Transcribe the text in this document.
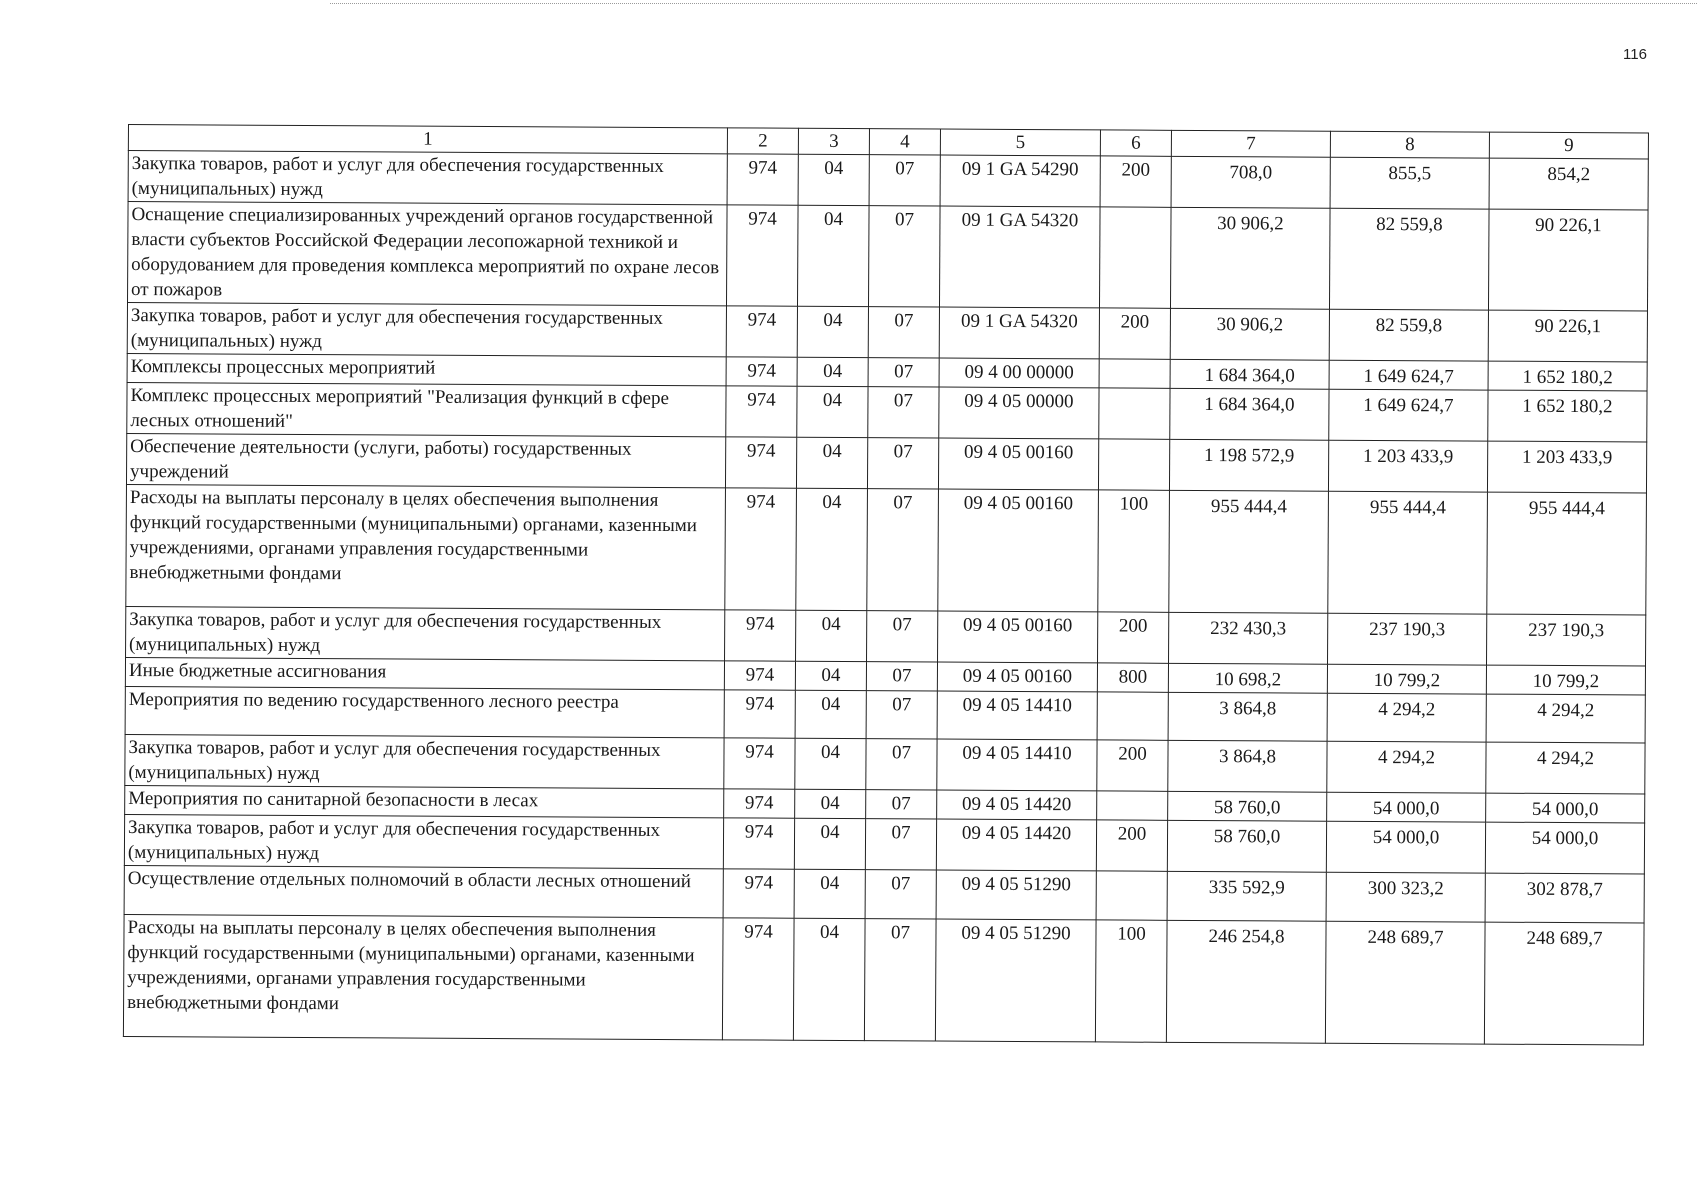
116
1	2	3	4	5	6	7	8	9
Закупка товаров, работ и услуг для обеспечения государственных (муниципальных) нужд	974	04	07	09 1 GA 54290	200	708,0	855,5	854,2
Оснащение специализированных учреждений органов государственной власти субъектов Российской Федерации лесопожарной техникой и оборудованием для проведения комплекса мероприятий по охране лесов от пожаров	974	04	07	09 1 GA 54320		30 906,2	82 559,8	90 226,1
Закупка товаров, работ и услуг для обеспечения государственных (муниципальных) нужд	974	04	07	09 1 GA 54320	200	30 906,2	82 559,8	90 226,1
Комплексы процессных мероприятий	974	04	07	09 4 00 00000		1 684 364,0	1 649 624,7	1 652 180,2
Комплекс процессных мероприятий "Реализация функций в сфере лесных отношений"	974	04	07	09 4 05 00000		1 684 364,0	1 649 624,7	1 652 180,2
Обеспечение деятельности (услуги, работы) государственных учреждений	974	04	07	09 4 05 00160		1 198 572,9	1 203 433,9	1 203 433,9
Расходы на выплаты персоналу в целях обеспечения выполнения функций государственными (муниципальными) органами, казенными учреждениями, органами управления государственными внебюджетными фондами	974	04	07	09 4 05 00160	100	955 444,4	955 444,4	955 444,4
Закупка товаров, работ и услуг для обеспечения государственных (муниципальных) нужд	974	04	07	09 4 05 00160	200	232 430,3	237 190,3	237 190,3
Иные бюджетные ассигнования	974	04	07	09 4 05 00160	800	10 698,2	10 799,2	10 799,2
Мероприятия по ведению государственного лесного реестра	974	04	07	09 4 05 14410		3 864,8	4 294,2	4 294,2
Закупка товаров, работ и услуг для обеспечения государственных (муниципальных) нужд	974	04	07	09 4 05 14410	200	3 864,8	4 294,2	4 294,2
Мероприятия по санитарной безопасности в лесах	974	04	07	09 4 05 14420		58 760,0	54 000,0	54 000,0
Закупка товаров, работ и услуг для обеспечения государственных (муниципальных) нужд	974	04	07	09 4 05 14420	200	58 760,0	54 000,0	54 000,0
Осуществление отдельных полномочий в области лесных отношений	974	04	07	09 4 05 51290		335 592,9	300 323,2	302 878,7
Расходы на выплаты персоналу в целях обеспечения выполнения функций государственными (муниципальными) органами, казенными учреждениями, органами управления государственными внебюджетными фондами	974	04	07	09 4 05 51290	100	246 254,8	248 689,7	248 689,7
